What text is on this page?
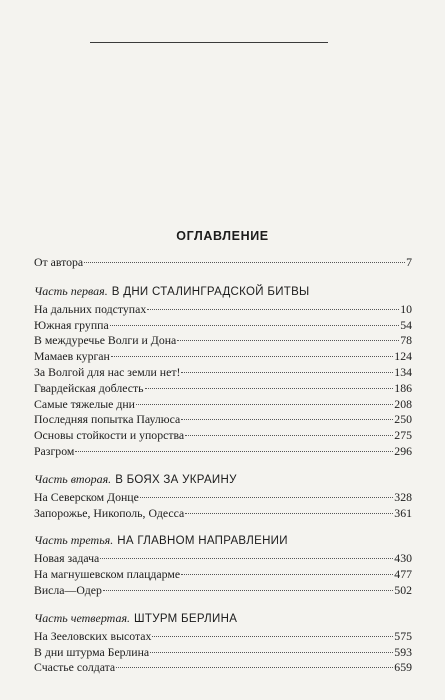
ОГЛАВЛЕНИЕ
От автора	7
Часть первая. В ДНИ СТАЛИНГРАДСКОЙ БИТВЫ
На дальних подступах	10
Южная группа	54
В междуречье Волги и Дона	78
Мамаев курган	124
За Волгой для нас земли нет!	134
Гвардейская доблесть	186
Самые тяжелые дни	208
Последняя попытка Паулюса	250
Основы стойкости и упорства	275
Разгром	296
Часть вторая. В БОЯХ ЗА УКРАИНУ
На Северском Донце	328
Запорожье, Никополь, Одесса	361
Часть третья. НА ГЛАВНОМ НАПРАВЛЕНИИ
Новая задача	430
На магнушевском плацдарме	477
Висла—Одер	502
Часть четвертая. ШТУРМ БЕРЛИНА
На Зееловских высотах	575
В дни штурма Берлина	593
Счастье солдата	659
